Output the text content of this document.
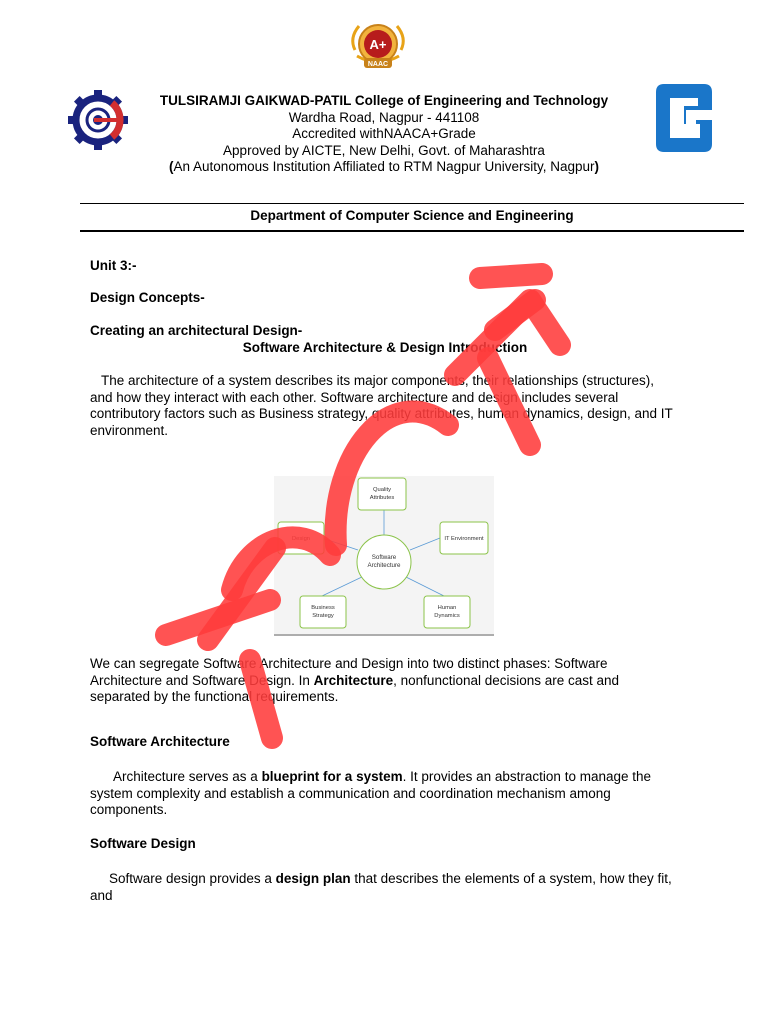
A+
NAAC
TULSIRAMJI GAIKWAD-PATIL College of Engineering and Technology
Wardha Road, Nagpur - 441108
Accredited withNAACA+Grade
Approved by AICTE, New Delhi, Govt. of Maharashtra
(An Autonomous Institution Affiliated to RTM Nagpur University, Nagpur)
Department of Computer Science and Engineering
Unit 3:-
Design Concepts-
Creating an architectural Design-
Software Architecture & Design Introduction
The architecture of a system describes its major components, their relationships (structures), and how they interact with each other. Software architecture and design includes several contributory factors such as Business strategy, quality attributes, human dynamics, design, and IT environment.
Software
Architecture
Quality
Attributes
Design	IT Environment
Business
Strategy
Human
Dynamics
We can segregate Software Architecture and Design into two distinct phases: Software Architecture and Software Design. In Architecture, nonfunctional decisions are cast and separated by the functional requirements.
Software Architecture
Architecture serves as a blueprint for a system. It provides an abstraction to manage the system complexity and establish a communication and coordination mechanism among components.
Software Design
Software design provides a design plan that describes the elements of a system, how they fit, and
